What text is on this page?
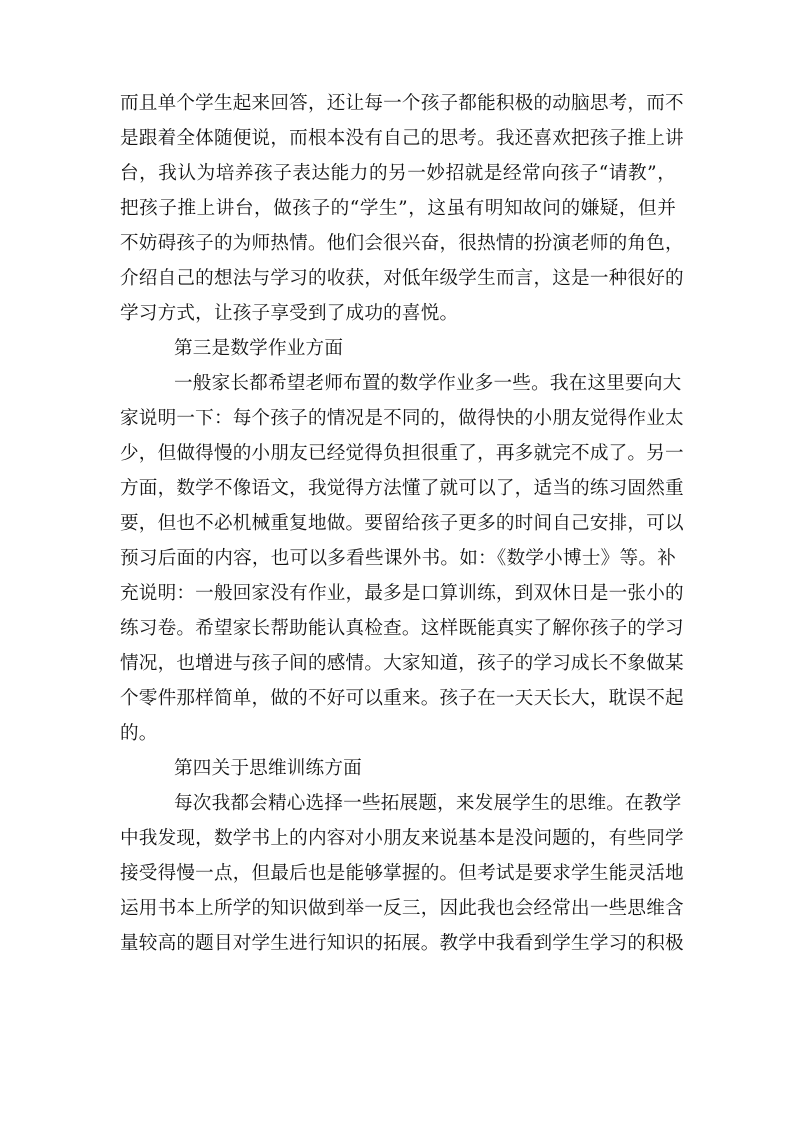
而且单个学生起来回答，还让每一个孩子都能积极的动脑思考，而不
是跟着全体随便说，而根本没有自己的思考。我还喜欢把孩子推上讲
台，我认为培养孩子表达能力的另一妙招就是经常向孩子“请教”，
把孩子推上讲台，做孩子的“学生”，这虽有明知故问的嫌疑，但并
不妨碍孩子的为师热情。他们会很兴奋，很热情的扮演老师的角色，
介绍自己的想法与学习的收获，对低年级学生而言，这是一种很好的
学习方式，让孩子享受到了成功的喜悦。
第三是数学作业方面
一般家长都希望老师布置的数学作业多一些。我在这里要向大
家说明一下：每个孩子的情况是不同的，做得快的小朋友觉得作业太
少，但做得慢的小朋友已经觉得负担很重了，再多就完不成了。另一
方面，数学不像语文，我觉得方法懂了就可以了，适当的练习固然重
要，但也不必机械重复地做。要留给孩子更多的时间自己安排，可以
预习后面的内容，也可以多看些课外书。如：《数学小博士》等。补
充说明：一般回家没有作业，最多是口算训练，到双休日是一张小的
练习卷。希望家长帮助能认真检查。这样既能真实了解你孩子的学习
情况，也增进与孩子间的感情。大家知道，孩子的学习成长不象做某
个零件那样简单，做的不好可以重来。孩子在一天天长大，耽误不起
的。
第四关于思维训练方面
每次我都会精心选择一些拓展题，来发展学生的思维。在教学
中我发现，数学书上的内容对小朋友来说基本是没问题的，有些同学
接受得慢一点，但最后也是能够掌握的。但考试是要求学生能灵活地
运用书本上所学的知识做到举一反三，因此我也会经常出一些思维含
量较高的题目对学生进行知识的拓展。教学中我看到学生学习的积极
